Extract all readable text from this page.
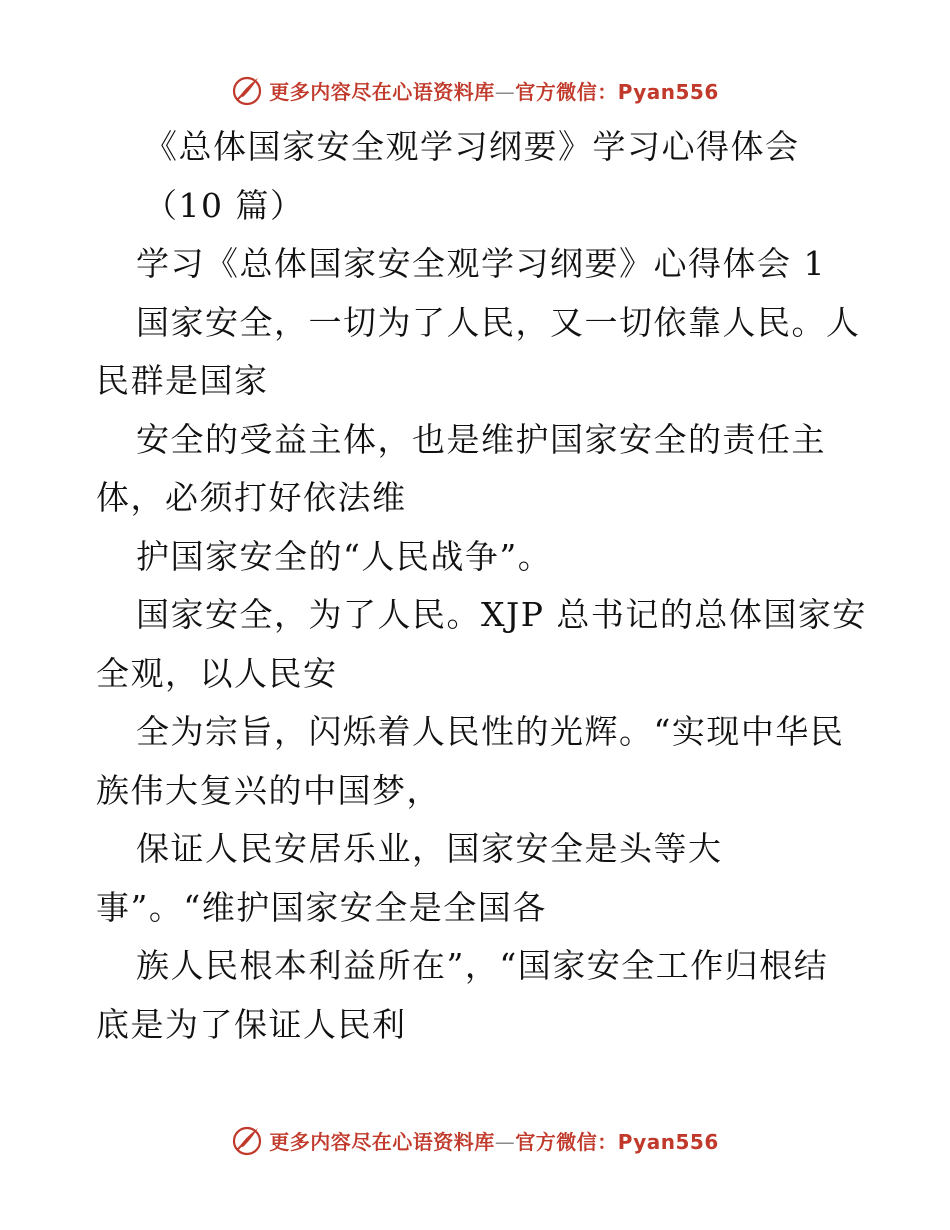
更多内容尽在心语资料库—官方微信：Pyan556
《总体国家安全观学习纲要》学习心得体会
（10 篇）
学习《总体国家安全观学习纲要》心得体会 1
国家安全，一切为了人民，又一切依靠人民。人
民群是国家
安全的受益主体，也是维护国家安全的责任主
体，必须打好依法维
护国家安全的“人民战争”。
国家安全，为了人民。XJP 总书记的总体国家安
全观，以人民安
全为宗旨，闪烁着人民性的光辉。“实现中华民
族伟大复兴的中国梦，
保证人民安居乐业，国家安全是头等大
事”。“维护国家安全是全国各
族人民根本利益所在”，“国家安全工作归根结
底是为了保证人民利
更多内容尽在心语资料库—官方微信：Pyan556
